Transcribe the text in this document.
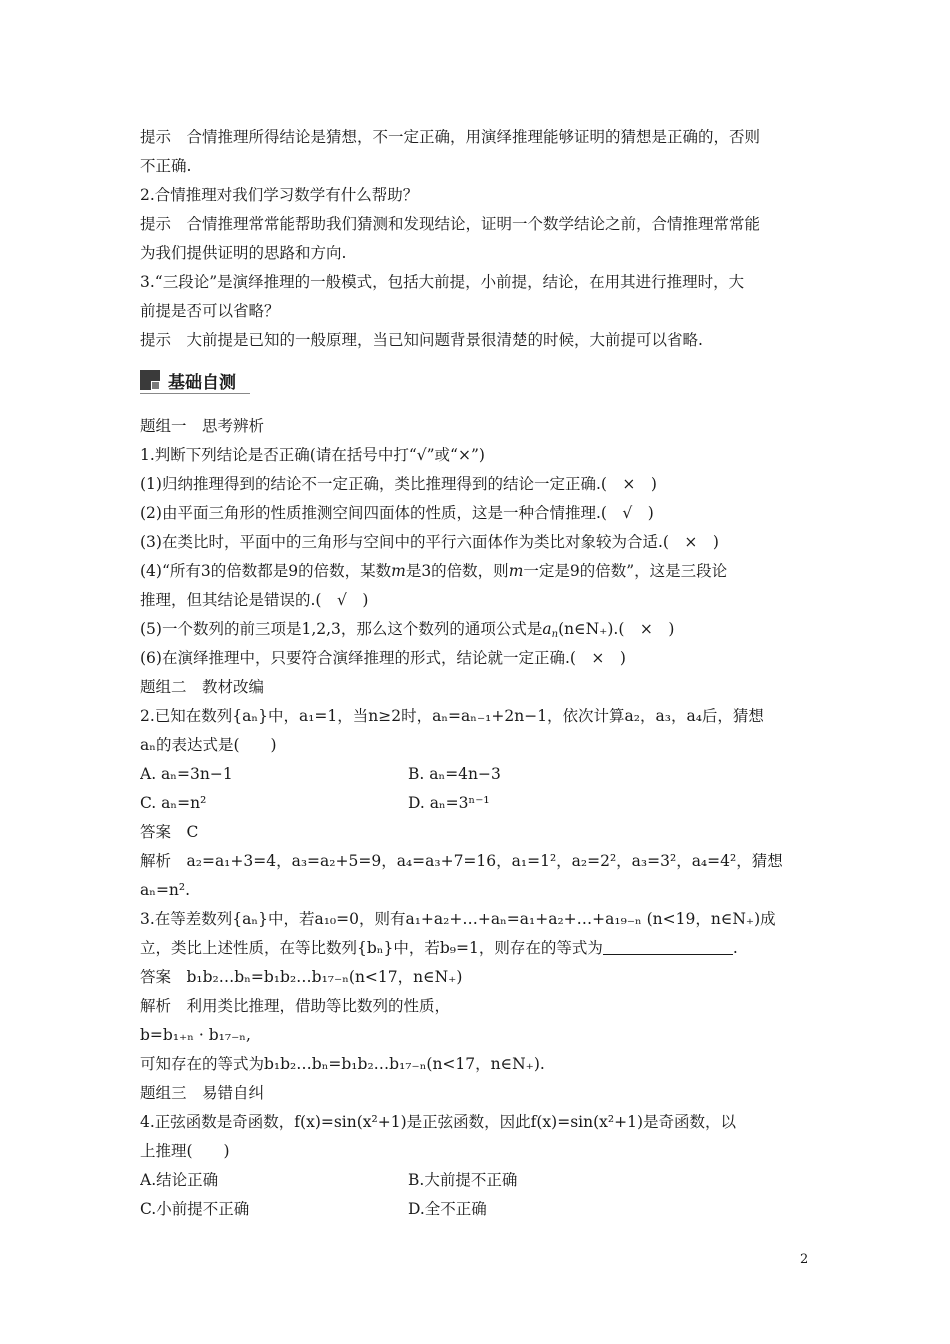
提示　合情推理所得结论是猜想，不一定正确，用演绎推理能够证明的猜想是正确的，否则
不正确.
2.合情推理对我们学习数学有什么帮助？
提示　合情推理常常能帮助我们猜测和发现结论，证明一个数学结论之前，合情推理常常能
为我们提供证明的思路和方向.
3.“三段论”是演绎推理的一般模式，包括大前提，小前提，结论，在用其进行推理时，大
前提是否可以省略？
提示　大前提是已知的一般原理，当已知问题背景很清楚的时候，大前提可以省略.
基础自测
题组一　思考辨析
1.判断下列结论是否正确(请在括号中打“√”或“×”)
(1)归纳推理得到的结论不一定正确，类比推理得到的结论一定正确.(　×　)
(2)由平面三角形的性质推测空间四面体的性质，这是一种合情推理.(　√　)
(3)在类比时，平面中的三角形与空间中的平行六面体作为类比对象较为合适.(　×　)
(4)“所有3的倍数都是9的倍数，某数m是3的倍数，则m一定是9的倍数”，这是三段论
推理，但其结论是错误的.(　√　)
(5)一个数列的前三项是1,2,3，那么这个数列的通项公式是$a_n(n\in N_+)$.(　×　)
(6)在演绎推理中，只要符合演绎推理的形式，结论就一定正确.(　×　)
题组二　教材改编
2.已知在数列{aₙ}中，a₁=1，当n≥2时，aₙ=aₙ₋₁+2n−1，依次计算a₂，a₃，a₄后，猜想
aₙ的表达式是(　　)
A. aₙ=3n−1	B. aₙ=4n−3
C. aₙ=n²	D. aₙ=3ⁿ⁻¹
答案　C
解析　a₂=a₁+3=4，a₃=a₂+5=9，a₄=a₃+7=16，a₁=1²，a₂=2²，a₃=3²，a₄=4²，猜想
aₙ=n².
3.在等差数列{aₙ}中，若a₁₀=0，则有a₁+a₂+…+aₙ=a₁+a₂+…+a₁₉₋ₙ (n<19，n∈N₊)成
立，类比上述性质，在等比数列{bₙ}中，若b₉=1，则存在的等式为	.
答案　b₁b₂…bₙ=b₁b₂…b₁₇₋ₙ(n<17，n∈N₊)
解析　利用类比推理，借助等比数列的性质，
b=b₁₊ₙ · b₁₇₋ₙ,
可知存在的等式为b₁b₂…bₙ=b₁b₂…b₁₇₋ₙ(n<17，n∈N₊).
题组三　易错自纠
4.正弦函数是奇函数，f(x)=sin(x²+1)是正弦函数，因此f(x)=sin(x²+1)是奇函数，以
上推理(　　)
A.结论正确	B.大前提不正确
C.小前提不正确	D.全不正确
2
